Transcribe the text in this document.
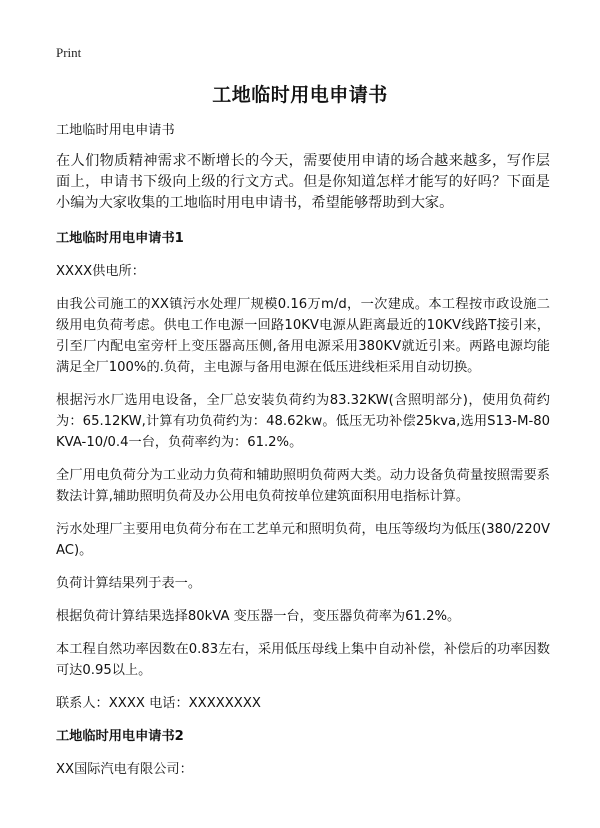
Print
工地临时用电申请书

工地临时用电申请书

在人们物质精神需求不断增长的今天，需要使用申请的场合越来越多，写作层面上，申请书下级向上级的行文方式。但是你知道怎样才能写的好吗？下面是小编为大家收集的工地临时用电申请书，希望能够帮助到大家。

工地临时用电申请书1

XXXX供电所：

由我公司施工的XX镇污水处理厂规模0.16万m/d，一次建成。本工程按市政设施二级用电负荷考虑。供电工作电源一回路10KV电源从距离最近的10KV线路T接引来，引至厂内配电室旁杆上变压器高压侧,备用电源采用380KV就近引来。两路电源均能满足全厂100%的.负荷，主电源与备用电源在低压进线柜采用自动切换。

根据污水厂选用电设备，全厂总安装负荷约为83.32KW(含照明部分)，使用负荷约为：65.12KW,计算有功负荷约为：48.62kw。低压无功补偿25kva,选用S13-M-80KVA-10/0.4一台，负荷率约为：61.2%。

全厂用电负荷分为工业动力负荷和辅助照明负荷两大类。动力设备负荷量按照需要系数法计算,辅助照明负荷及办公用电负荷按单位建筑面积用电指标计算。

污水处理厂主要用电负荷分布在工艺单元和照明负荷，电压等级均为低压(380/220VAC)。

负荷计算结果列于表一。

根据负荷计算结果选择80kVA 变压器一台，变压器负荷率为61.2%。

本工程自然功率因数在0.83左右，采用低压母线上集中自动补偿，补偿后的功率因数可达0.95以上。

联系人：XXXX 电话：XXXXXXXX

工地临时用电申请书2

XX国际汽电有限公司：
